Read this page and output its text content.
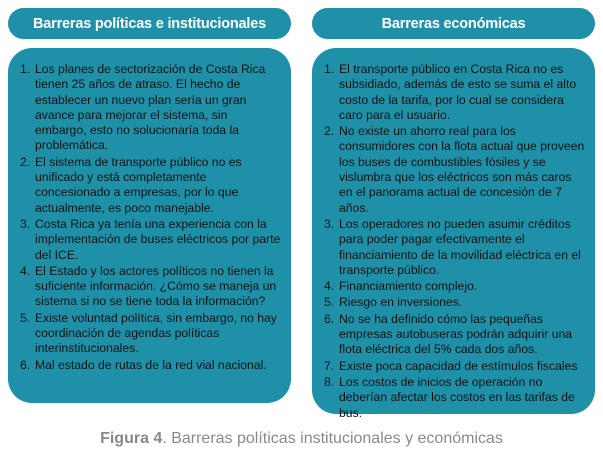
Barreras políticas e institucionales
1. Los planes de sectorización de Costa Rica tienen 25 años de atraso. El hecho de establecer un nuevo plan sería un gran avance para mejorar el sistema, sin embargo, esto no solucionaría toda la problemática.
2. El sistema de transporte público no es unificado y está completamente concesionado a empresas, por lo que actualmente, es poco manejable.
3. Costa Rica ya tenía una experiencia con la implementación de buses eléctricos por parte del ICE.
4. El Estado y los actores políticos no tienen la suficiente información. ¿Cómo se maneja un sistema si no se tiene toda la información?
5. Existe voluntad política, sin embargo, no hay coordinación de agendas políticas interinstitucionales.
6. Mal estado de rutas de la red vial nacional.
Barreras económicas
1. El transporte público en Costa Rica no es subsidiado, además de esto se suma el alto costo de la tarifa, por lo cual se considera caro para el usuario.
2. No existe un ahorro real para los consumidores con la flota actual que proveen los buses de combustibles fósiles y se vislumbra que los eléctricos son más caros en el panorama actual de concesión de 7 años.
3. Los operadores no pueden asumir créditos para poder pagar efectivamente el financiamiento de la movilidad eléctrica en el transporte público.
4. Financiamiento complejo.
5. Riesgo en inversiones.
6. No se ha definido cómo las pequeñas empresas autobuseras podrán adquirir una flota eléctrica del 5% cada dos años.
7. Existe poca capacidad de estímulos fiscales
8. Los costos de inicios de operación no deberían afectar los costos en las tarifas de bus.
Figura 4. Barreras políticas institucionales y económicas
